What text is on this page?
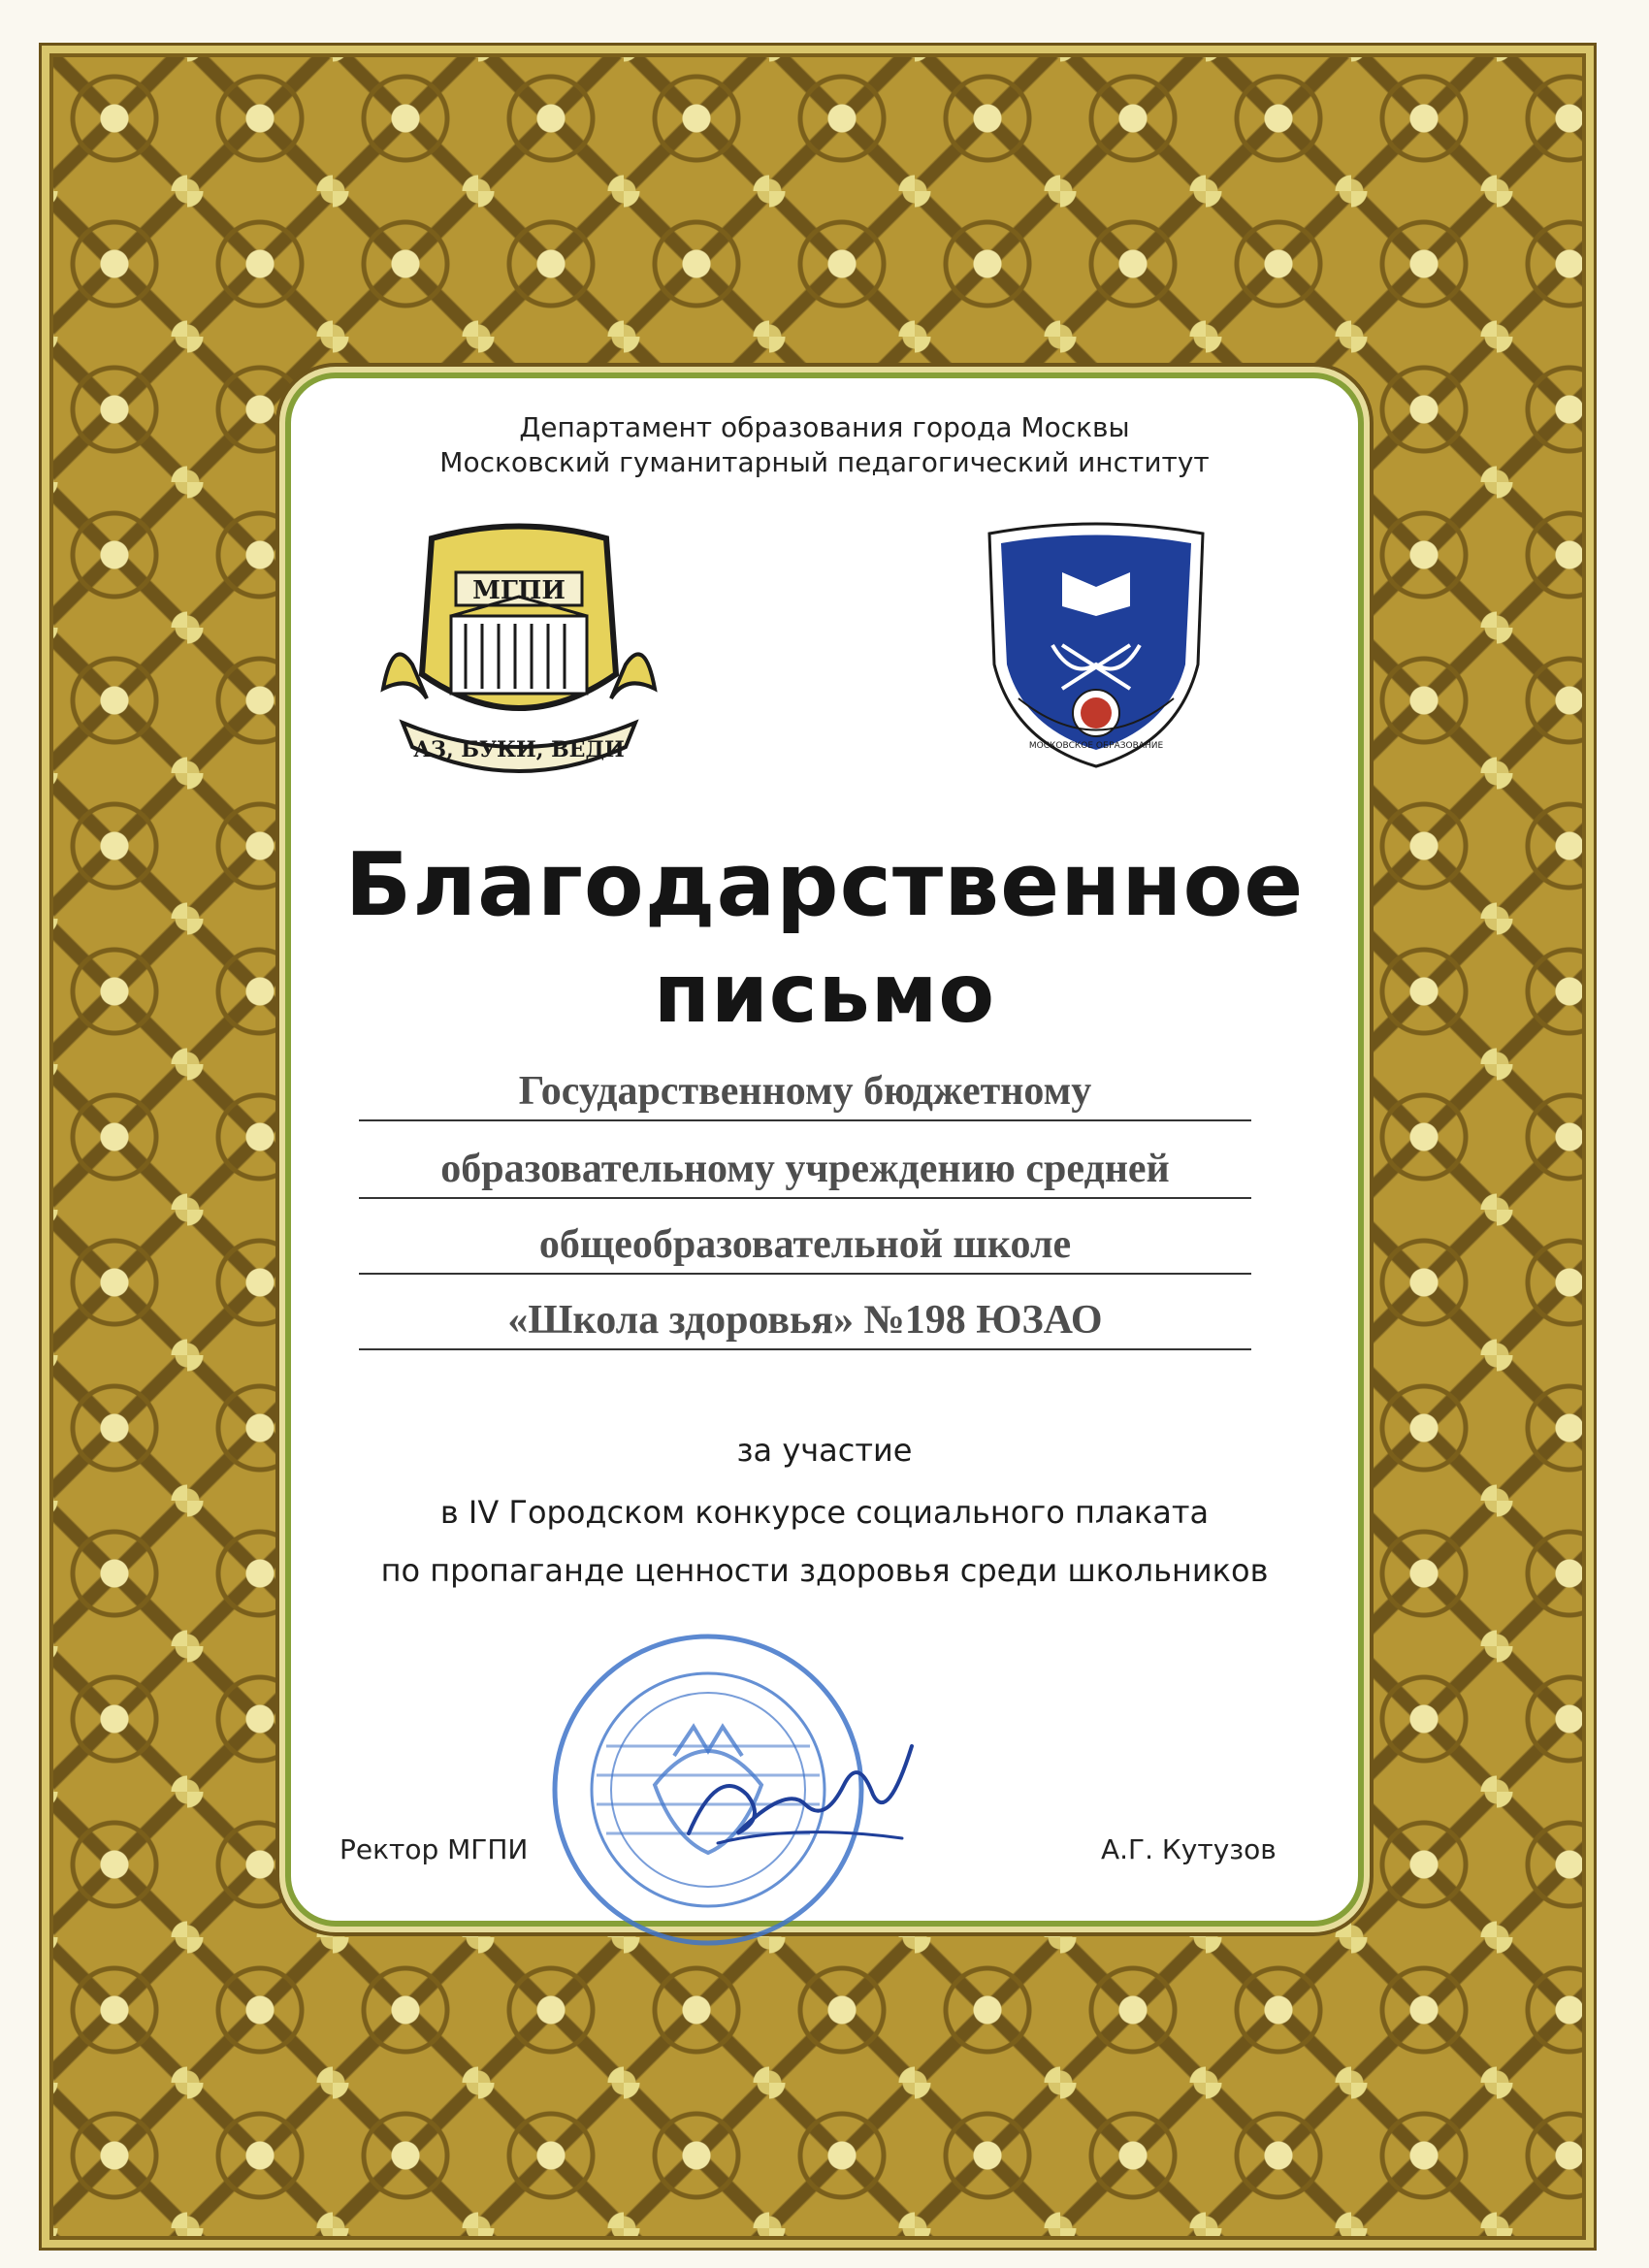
Департамент образования города Москвы
Московский гуманитарный педагогический институт
МГПИ
АЗ, БУКИ, ВЕДИ	МОСКОВСКОЕ ОБРАЗОВАНИЕ
Благодарственное
письмо
Государственному бюджетному
образовательному учреждению средней
общеобразовательной школе
«Школа здоровья» №198 ЮЗАО
за участие
в IV Городском конкурсе социального плаката
по пропаганде ценности здоровья среди школьников
Ректор МГПИ	А.Г. Кутузов
